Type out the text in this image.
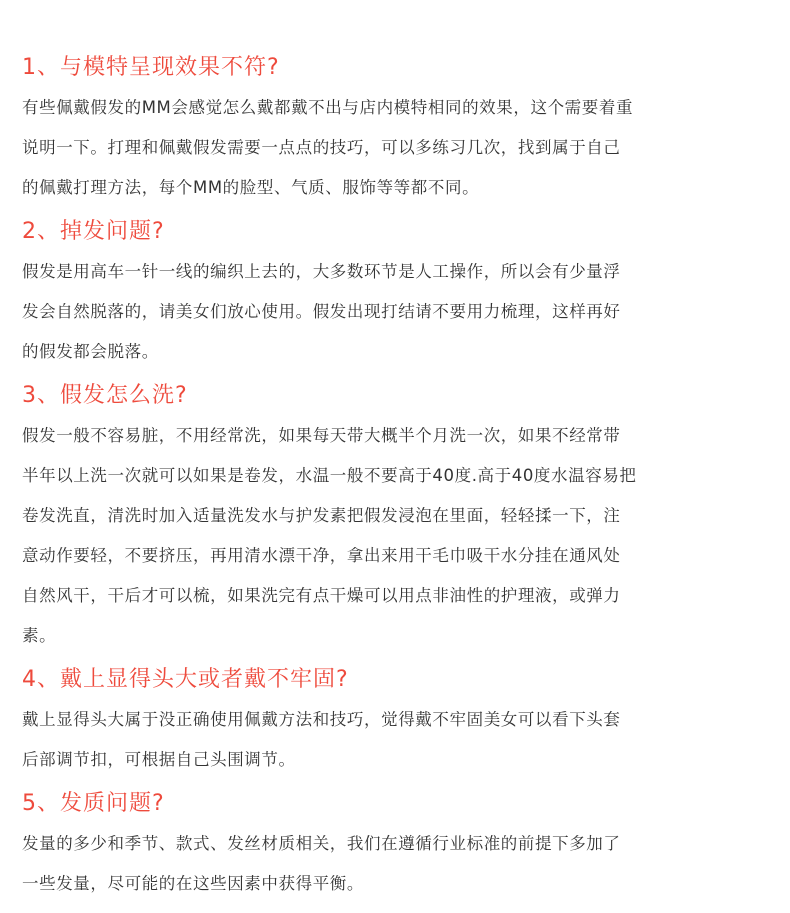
1、与模特呈现效果不符?
有些佩戴假发的MM会感觉怎么戴都戴不出与店内模特相同的效果，这个需要着重
说明一下。打理和佩戴假发需要一点点的技巧，可以多练习几次，找到属于自己
的佩戴打理方法，每个MM的脸型、气质、服饰等等都不同。
2、掉发问题?
假发是用高车一针一线的编织上去的，大多数环节是人工操作，所以会有少量浮
发会自然脱落的，请美女们放心使用。假发出现打结请不要用力梳理，这样再好
的假发都会脱落。
3、假发怎么洗?
假发一般不容易脏，不用经常洗，如果每天带大概半个月洗一次，如果不经常带
半年以上洗一次就可以如果是卷发，水温一般不要高于40度.高于40度水温容易把
卷发洗直，清洗时加入适量洗发水与护发素把假发浸泡在里面，轻轻揉一下，注
意动作要轻，不要挤压，再用清水漂干净，拿出来用干毛巾吸干水分挂在通风处
自然风干，干后才可以梳，如果洗完有点干燥可以用点非油性的护理液，或弹力
素。
4、戴上显得头大或者戴不牢固?
戴上显得头大属于没正确使用佩戴方法和技巧，觉得戴不牢固美女可以看下头套
后部调节扣，可根据自己头围调节。
5、发质问题?
发量的多少和季节、款式、发丝材质相关，我们在遵循行业标准的前提下多加了
一些发量，尽可能的在这些因素中获得平衡。
